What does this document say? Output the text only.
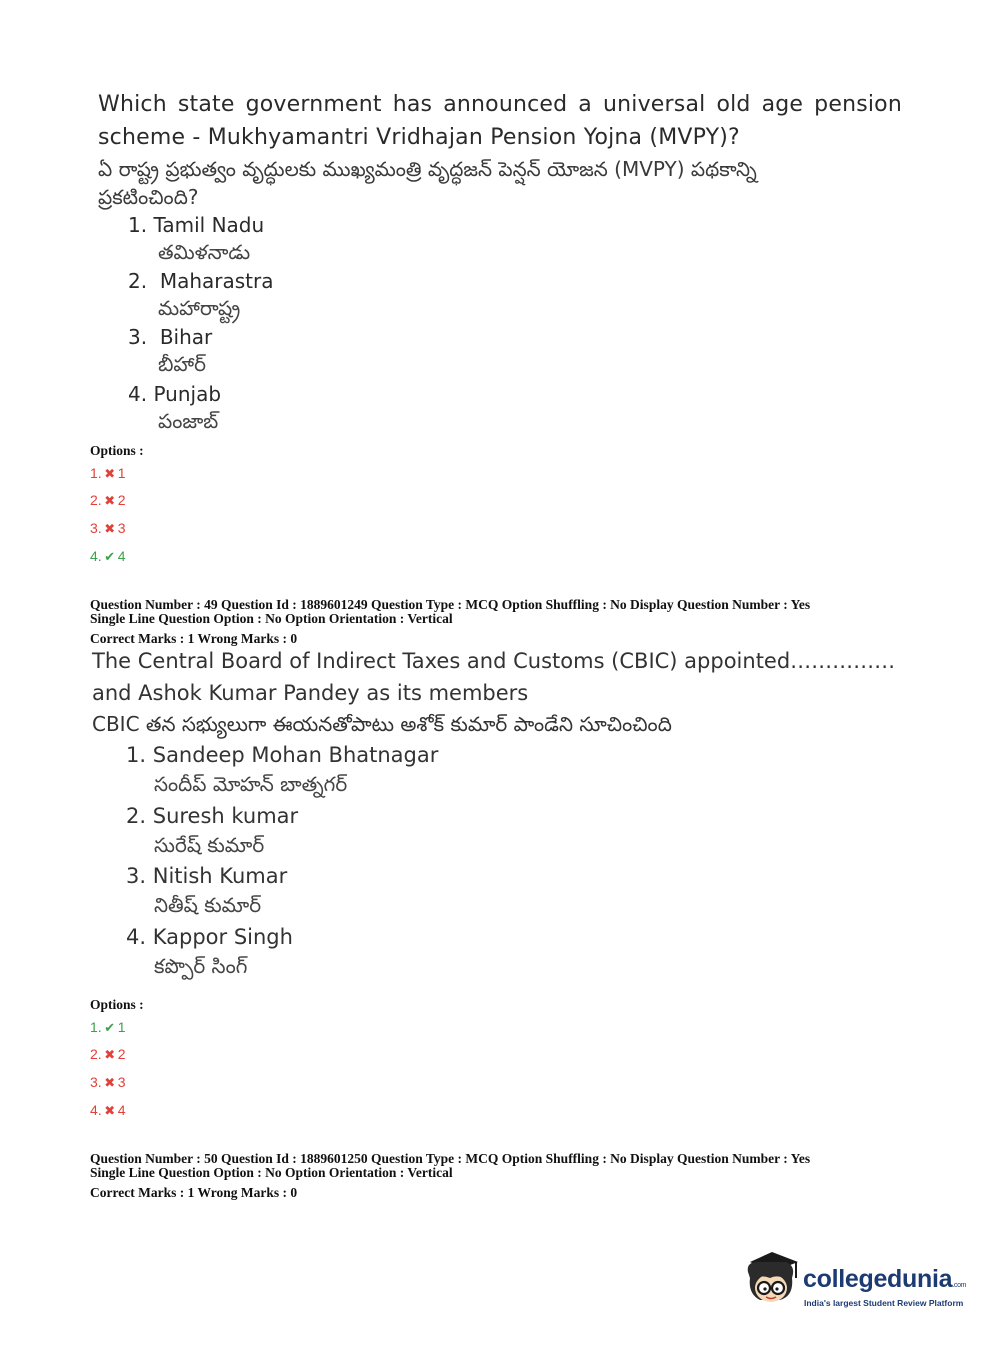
Which state government has announced a universal old age pension scheme - Mukhyamantri Vridhajan Pension Yojna (MVPY)?
ఏ రాష్ట్ర ప్రభుత్వం వృద్ధులకు ముఖ్యమంత్రి వృద్ధజన్ పెన్షన్ యోజన (MVPY) పథకాన్ని
ప్రకటించింది?
1. Tamil Nadu
తమిళనాడు
2. Maharastra
మహారాష్ట్ర
3. Bihar
బీహార్
4. Punjab
పంజాబ్
Options :
1. ✖ 1
2. ✖ 2
3. ✖ 3
4. ✔ 4
Question Number : 49 Question Id : 1889601249 Question Type : MCQ Option Shuffling : No Display Question Number : Yes
Single Line Question Option : No Option Orientation : Vertical
Correct Marks : 1 Wrong Marks : 0
The Central Board of Indirect Taxes and Customs (CBIC) appointed……………
and Ashok Kumar Pandey as its members
CBIC తన సభ్యులుగా ఈయనతోపాటు అశోక్ కుమార్ పాండేని సూచించింది
1. Sandeep Mohan Bhatnagar
సందీప్ మోహన్ బాత్నగర్
2. Suresh kumar
సురేష్ కుమార్
3. Nitish Kumar
నితీష్ కుమార్
4. Kappor Singh
కప్పొర్ సింగ్
Options :
1. ✔ 1
2. ✖ 2
3. ✖ 3
4. ✖ 4
Question Number : 50 Question Id : 1889601250 Question Type : MCQ Option Shuffling : No Display Question Number : Yes
Single Line Question Option : No Option Orientation : Vertical
Correct Marks : 1 Wrong Marks : 0
collegedunia.com
India's largest Student Review Platform
